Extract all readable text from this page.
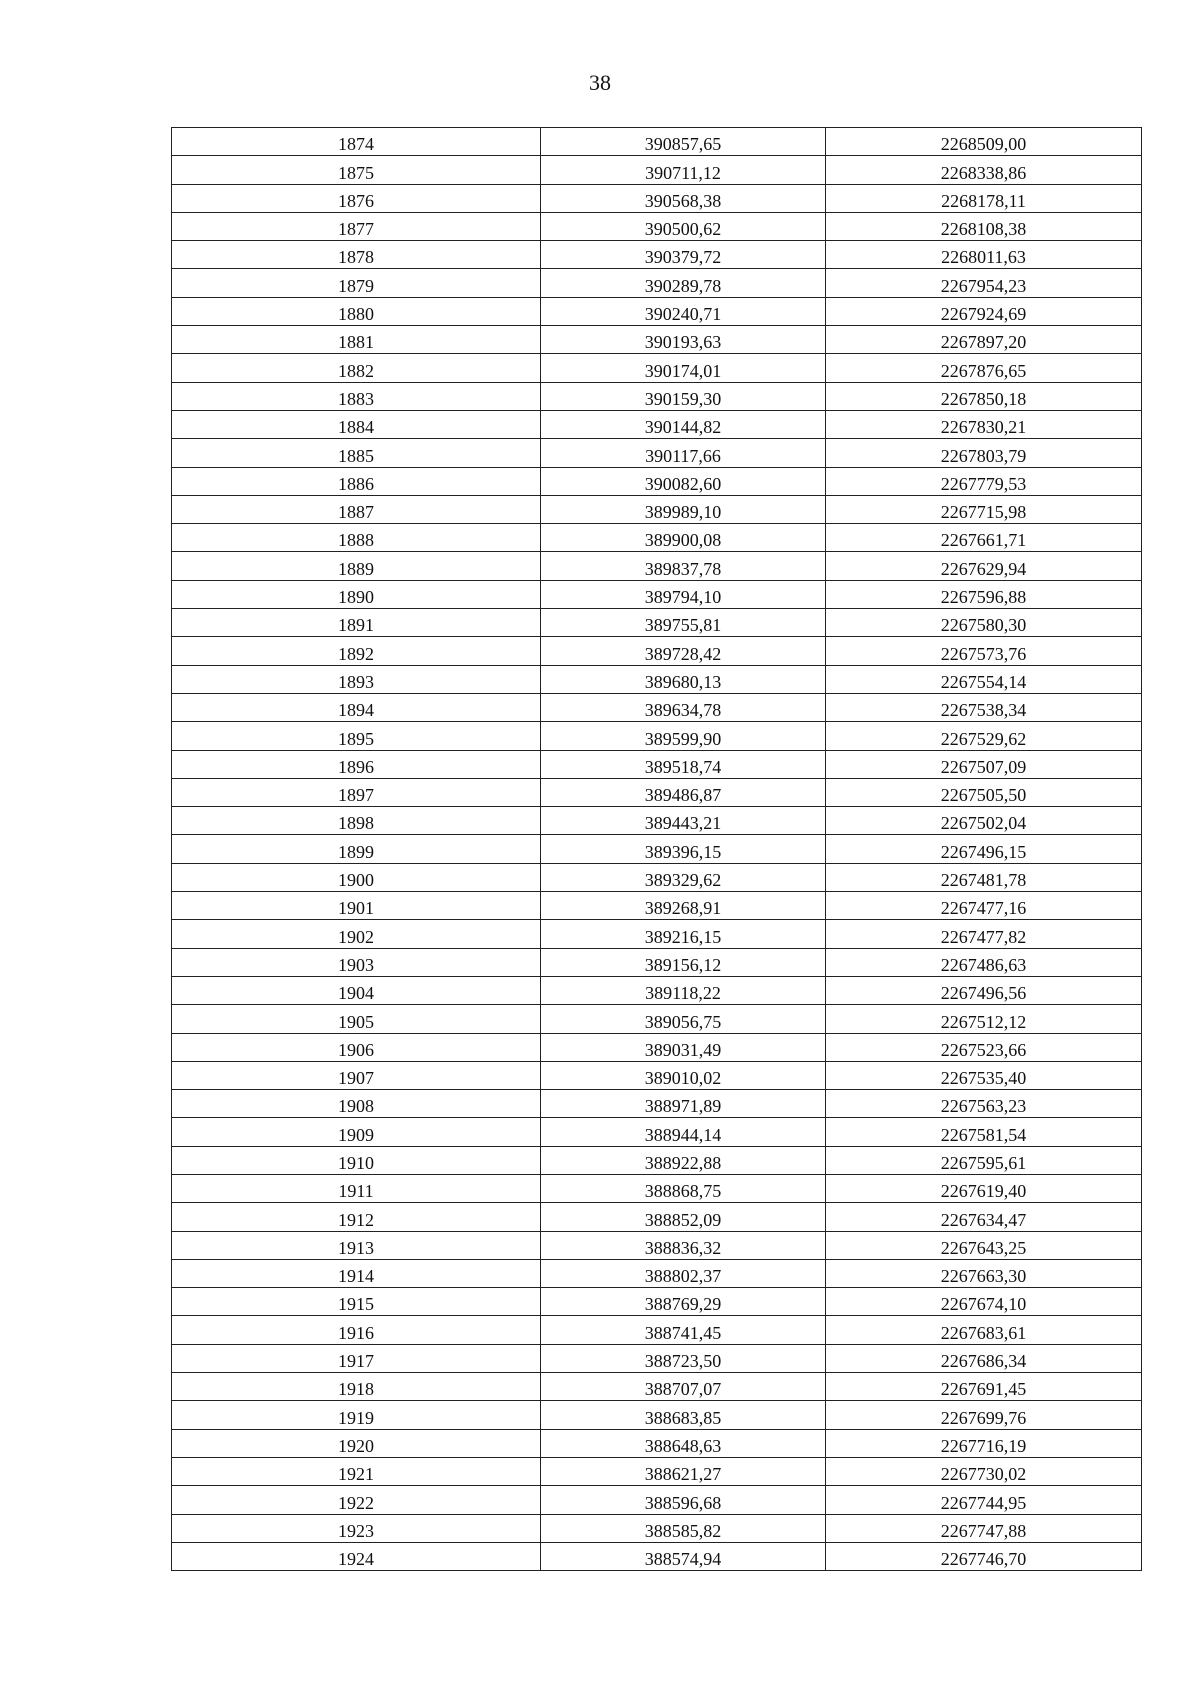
38
1874	390857,65	2268509,00
1875	390711,12	2268338,86
1876	390568,38	2268178,11
1877	390500,62	2268108,38
1878	390379,72	2268011,63
1879	390289,78	2267954,23
1880	390240,71	2267924,69
1881	390193,63	2267897,20
1882	390174,01	2267876,65
1883	390159,30	2267850,18
1884	390144,82	2267830,21
1885	390117,66	2267803,79
1886	390082,60	2267779,53
1887	389989,10	2267715,98
1888	389900,08	2267661,71
1889	389837,78	2267629,94
1890	389794,10	2267596,88
1891	389755,81	2267580,30
1892	389728,42	2267573,76
1893	389680,13	2267554,14
1894	389634,78	2267538,34
1895	389599,90	2267529,62
1896	389518,74	2267507,09
1897	389486,87	2267505,50
1898	389443,21	2267502,04
1899	389396,15	2267496,15
1900	389329,62	2267481,78
1901	389268,91	2267477,16
1902	389216,15	2267477,82
1903	389156,12	2267486,63
1904	389118,22	2267496,56
1905	389056,75	2267512,12
1906	389031,49	2267523,66
1907	389010,02	2267535,40
1908	388971,89	2267563,23
1909	388944,14	2267581,54
1910	388922,88	2267595,61
1911	388868,75	2267619,40
1912	388852,09	2267634,47
1913	388836,32	2267643,25
1914	388802,37	2267663,30
1915	388769,29	2267674,10
1916	388741,45	2267683,61
1917	388723,50	2267686,34
1918	388707,07	2267691,45
1919	388683,85	2267699,76
1920	388648,63	2267716,19
1921	388621,27	2267730,02
1922	388596,68	2267744,95
1923	388585,82	2267747,88
1924	388574,94	2267746,70
